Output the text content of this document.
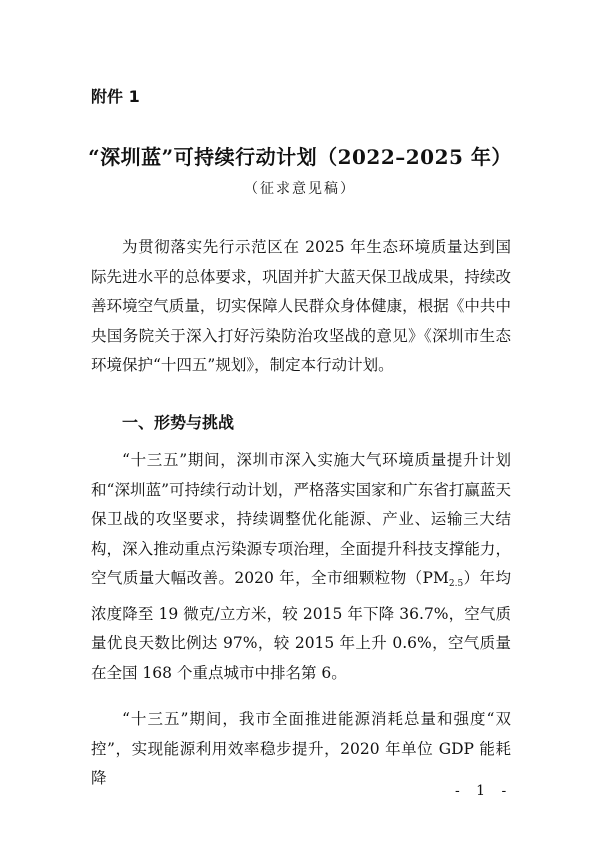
附件 1
“深圳蓝”可持续行动计划（2022–2025 年）
（征求意见稿）

为贯彻落实先行示范区在 2025 年生态环境质量达到国际先进水平的总体要求，巩固并扩大蓝天保卫战成果，持续改善环境空气质量，切实保障人民群众身体健康，根据《中共中央国务院关于深入打好污染防治攻坚战的意见》《深圳市生态环境保护“十四五”规划》，制定本行动计划。

一、形势与挑战

“十三五”期间，深圳市深入实施大气环境质量提升计划和“深圳蓝”可持续行动计划，严格落实国家和广东省打赢蓝天保卫战的攻坚要求，持续调整优化能源、产业、运输三大结构，深入推动重点污染源专项治理，全面提升科技支撑能力，空气质量大幅改善。2020 年，全市细颗粒物$(PM_{2.5})$年均浓度降至 19 微克/立方米，较 2015 年下降 36.7%，空气质量优良天数比例达 97%，较 2015 年上升 0.6%，空气质量在全国 168 个重点城市中排名第 6。

“十三五”期间，我市全面推进能源消耗总量和强度“双控”，实现能源利用效率稳步提升，2020 年单位 GDP 能耗降

- 1 -
